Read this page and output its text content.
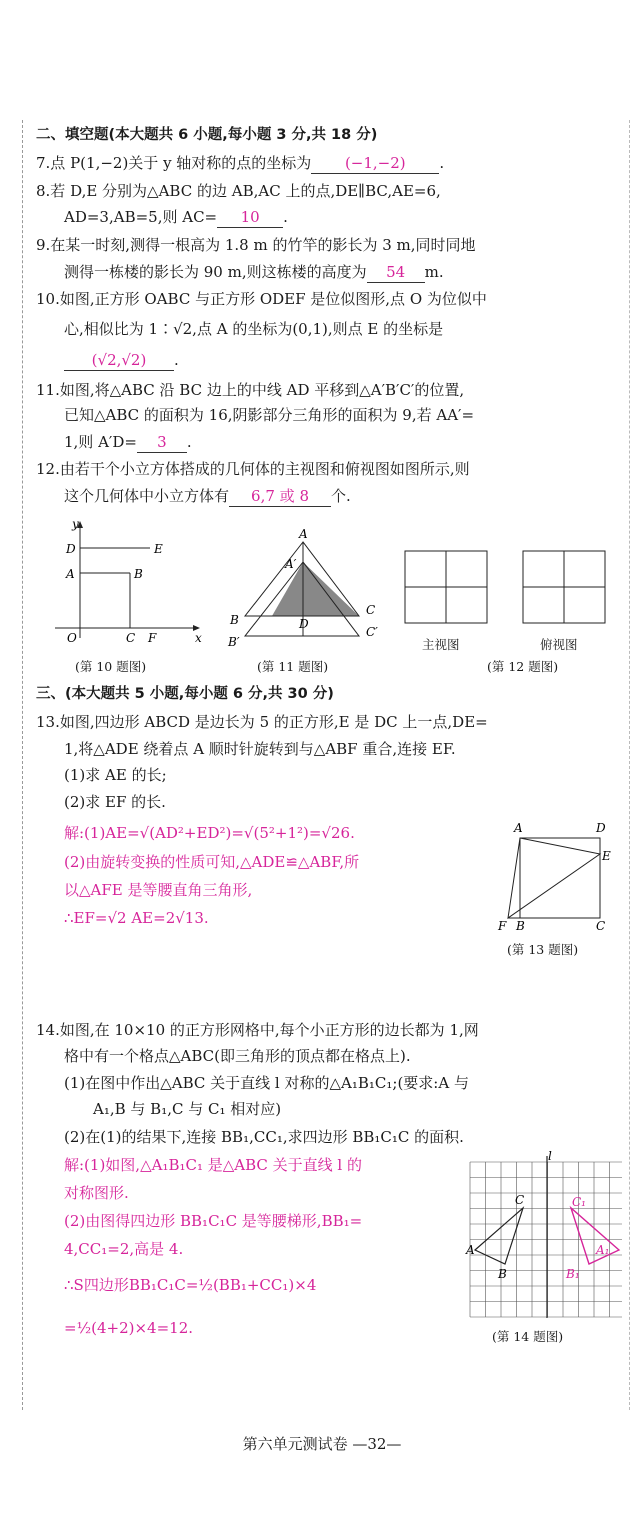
二、填空题(本大题共 6 小题,每小题 3 分,共 18 分)
7.点 P(1,−2)关于 y 轴对称的点的坐标为 (−1,−2) .
8.若 D,E 分别为△ABC 的边 AB,AC 上的点,DE∥BC,AE=6,
AD=3,AB=5,则 AC= 10 .
9.在某一时刻,测得一根高为 1.8 m 的竹竿的影长为 3 m,同时同地
测得一栋楼的影长为 90 m,则这栋楼的高度为 54 m.
10.如图,正方形 OABC 与正方形 ODEF 是位似图形,点 O 为位似中
心,相似比为 1∶√2,点 A 的坐标为(0,1),则点 E 的坐标是
(√2,√2) .
11.如图,将△ABC 沿 BC 边上的中线 AD 平移到△A′B′C′的位置,
已知△ABC 的面积为 16,阴影部分三角形的面积为 9,若 AA′=
1,则 A′D= 3 .
12.由若干个小立方体搭成的几何体的主视图和俯视图如图所示,则
这个几何体中小立方体有 6,7 或 8 个.
y
x
O
D
A	B
E
C F
(第 10 题图)
A
A′
B
B′
C
C′
D
(第 11 题图)
主视图	俯视图
(第 12 题图)
三、(本大题共 5 小题,每小题 6 分,共 30 分)
13.如图,四边形 ABCD 是边长为 5 的正方形,E 是 DC 上一点,DE=
1,将△ADE 绕着点 A 顺时针旋转到与△ABF 重合,连接 EF.
(1)求 AE 的长;
(2)求 EF 的长.
解:(1)AE=√(AD²+ED²)=√(5²+1²)=√26.
(2)由旋转变换的性质可知,△ADE≌△ABF,所
以△AFE 是等腰直角三角形,
∴EF=√2 AE=2√13.
A	D
E
F B	C
(第 13 题图)
14.如图,在 10×10 的正方形网格中,每个小正方形的边长都为 1,网
格中有一个格点△ABC(即三角形的顶点都在格点上).
(1)在图中作出△ABC 关于直线 l 对称的△A₁B₁C₁;(要求:A 与
A₁,B 与 B₁,C 与 C₁ 相对应)
(2)在(1)的结果下,连接 BB₁,CC₁,求四边形 BB₁C₁C 的面积.
解:(1)如图,△A₁B₁C₁ 是△ABC 关于直线 l 的
对称图形.
(2)由图得四边形 BB₁C₁C 是等腰梯形,BB₁=
4,CC₁=2,高是 4.
∴S四边形BB₁C₁C=½(BB₁+CC₁)×4
=½(4+2)×4=12.
l
A
C
B
C₁
A₁
B₁
(第 14 题图)
第六单元测试卷 —32—
